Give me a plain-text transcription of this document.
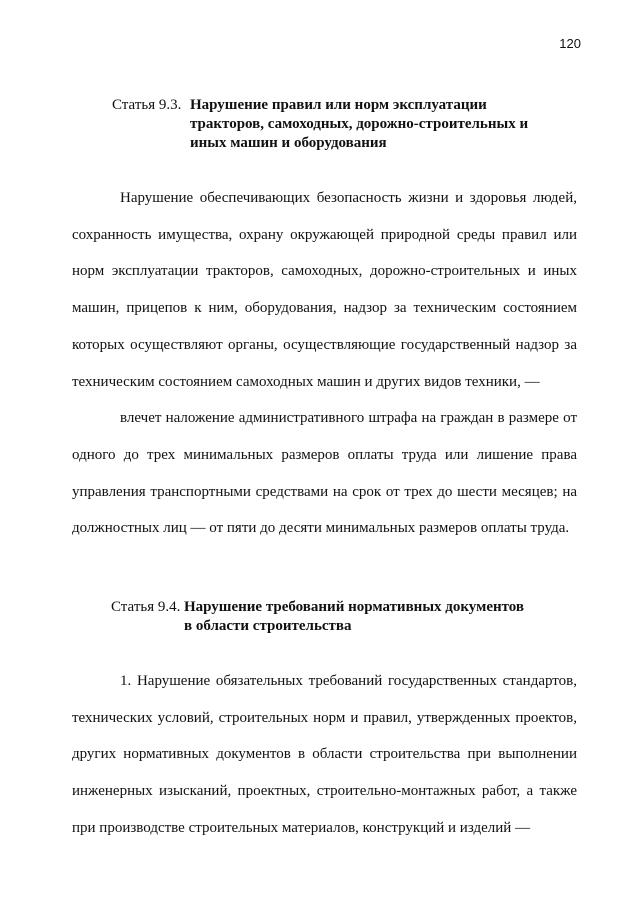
120
Статья 9.3. Нарушение правил или норм эксплуатации
тракторов, самоходных, дорожно-строительных и
иных машин и оборудования

Нарушение обеспечивающих безопасность жизни и здоровья людей, сохранность имущества, охрану окружающей природной среды правил или норм эксплуатации тракторов, самоходных, дорожно-строительных и иных машин, прицепов к ним, оборудования, надзор за техническим состоянием которых осуществляют органы, осуществляющие государственный надзор за техническим состоянием самоходных машин и других видов техники, —

влечет наложение административного штрафа на граждан в размере от одного до трех минимальных размеров оплаты труда или лишение права управления транспортными средствами на срок от трех до шести месяцев; на должностных лиц — от пяти до десяти минимальных размеров оплаты труда.

Статья 9.4. Нарушение требований нормативных документов
в области строительства

1. Нарушение обязательных требований государственных стандартов, технических условий, строительных норм и правил, утвержденных проектов, других нормативных документов в области строительства при выполнении инженерных изысканий, проектных, строительно-монтажных работ, а также при производстве строительных материалов, конструкций и изделий —
